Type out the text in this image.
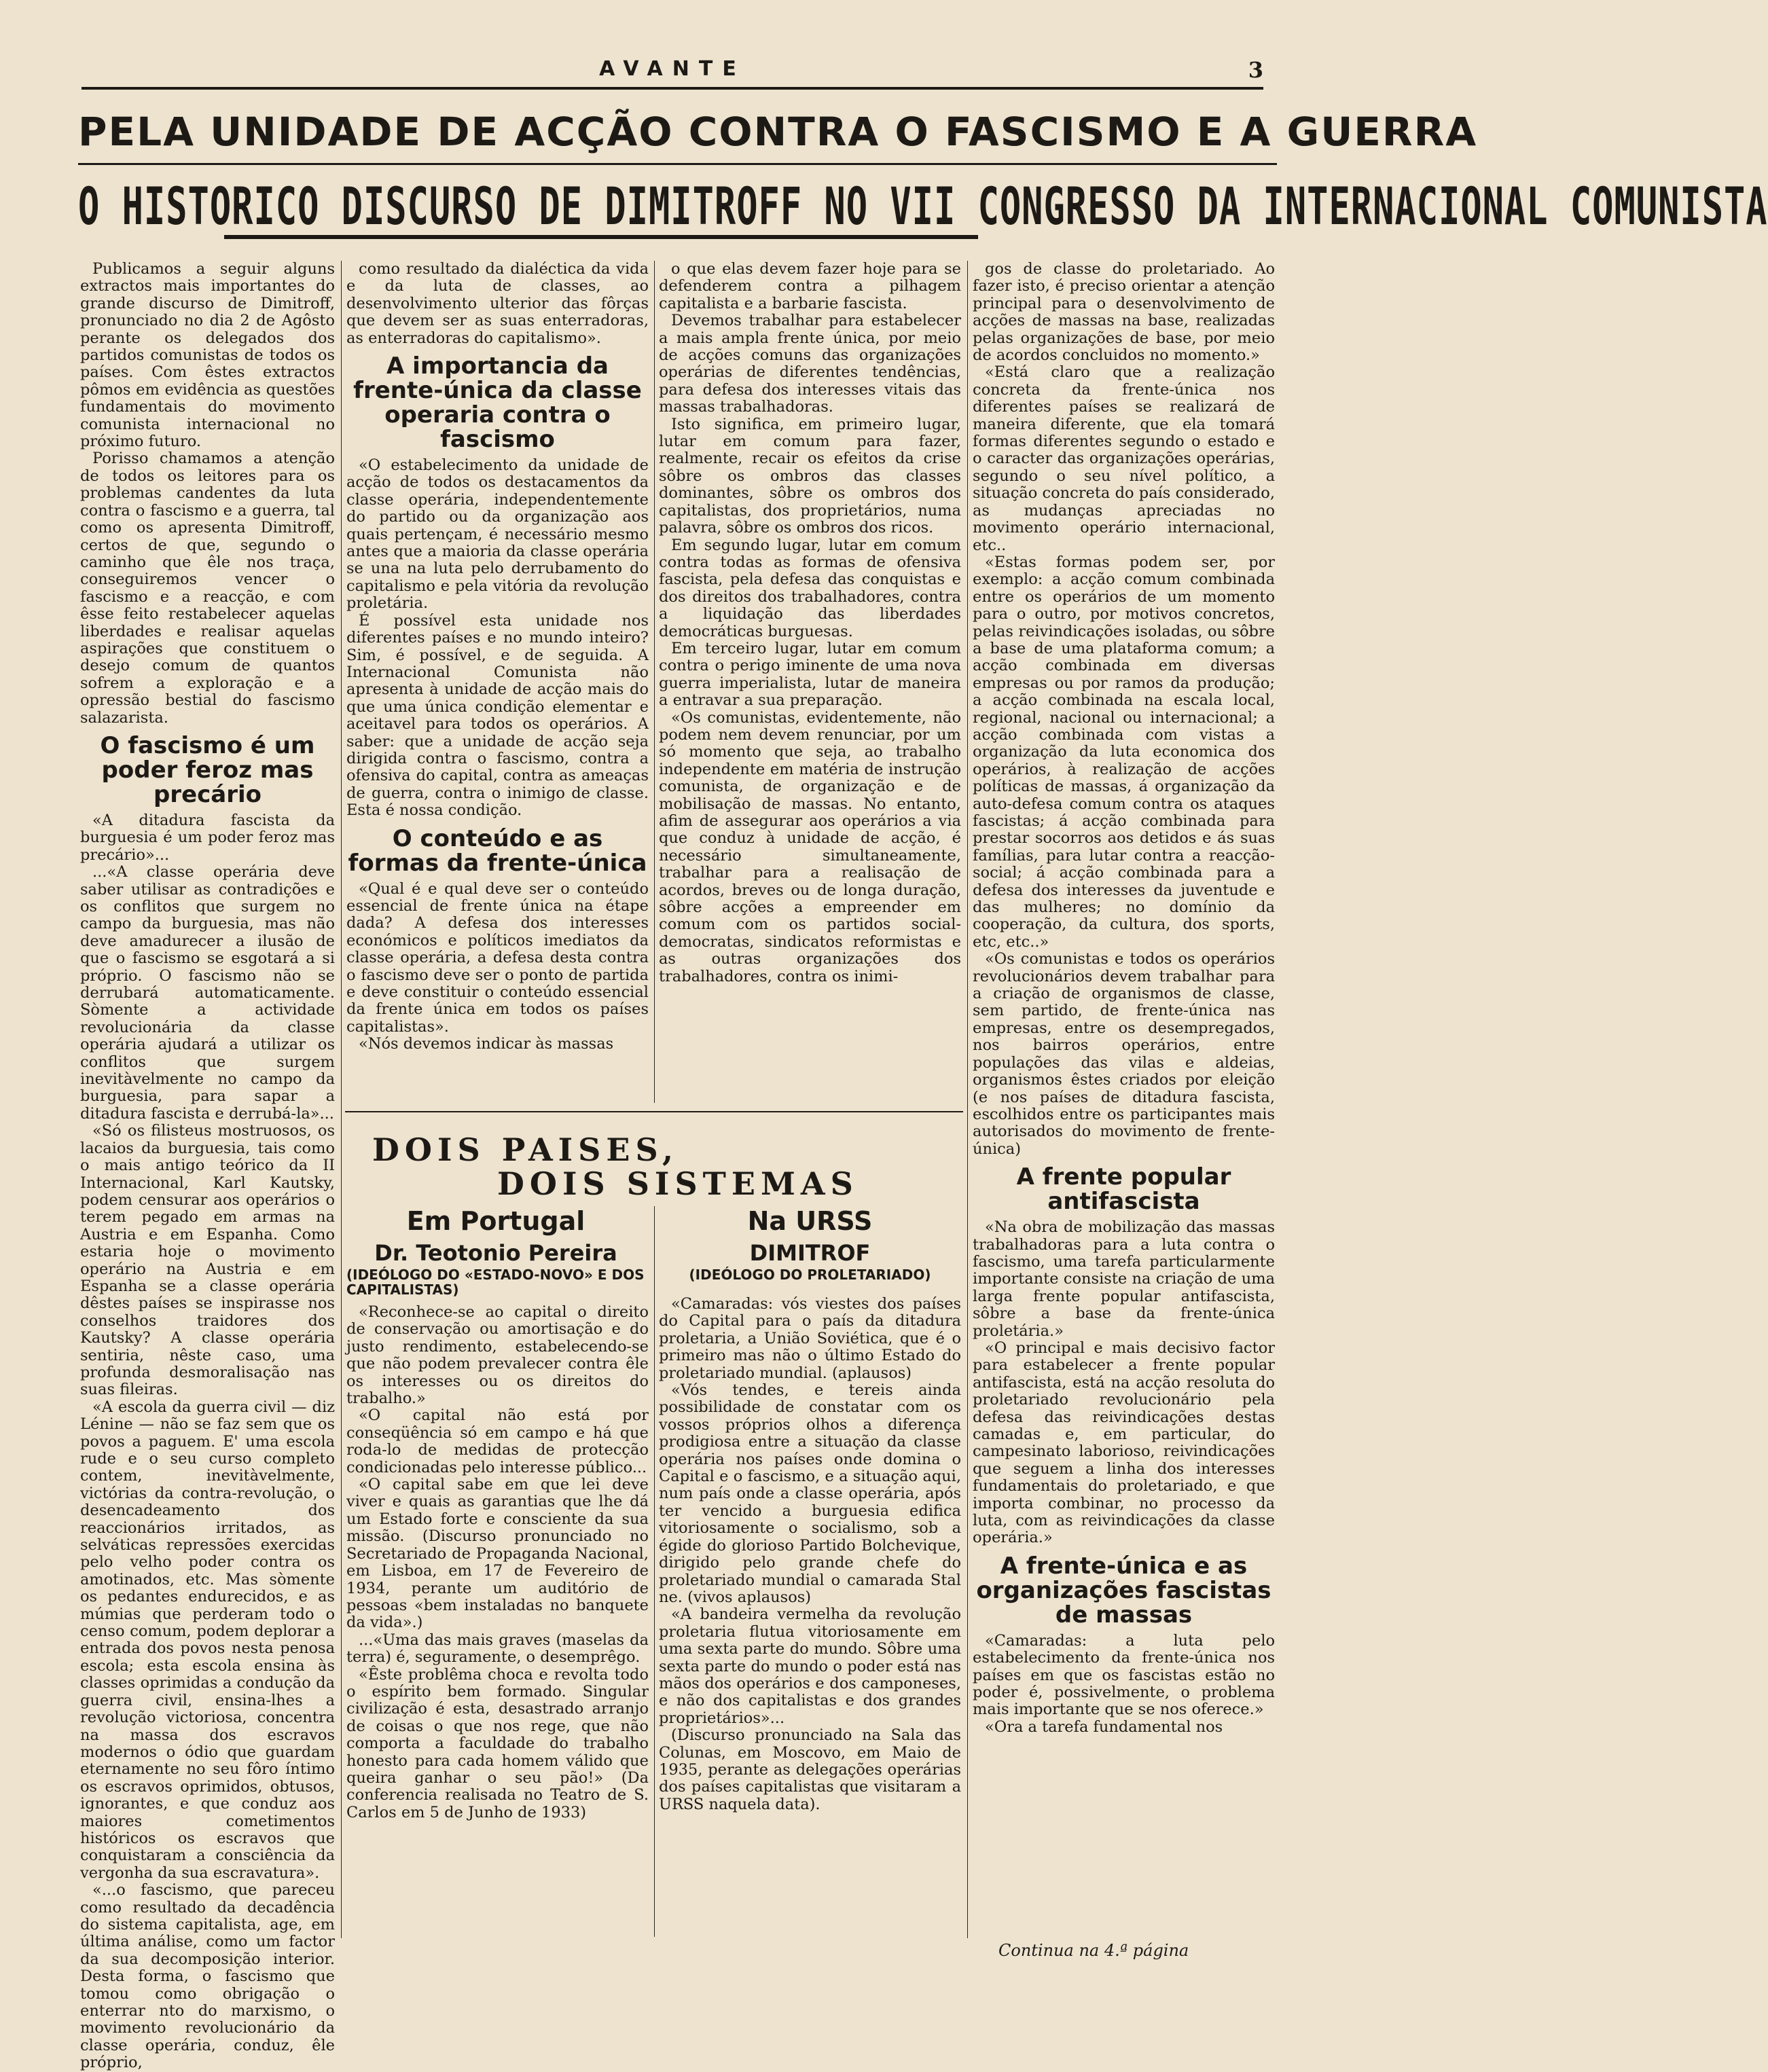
AVANTE	3
PELA UNIDADE DE ACÇÃO CONTRA O FASCISMO E A GUERRA
O HISTORICO DISCURSO DE DIMITROFF NO VII CONGRESSO DA INTERNACIONAL COMUNISTA

Publicamos a seguir alguns extractos mais importantes do grande discurso de Dimitroff, pronunciado no dia 2 de Agôsto perante os delegados dos partidos comunistas de todos os países. Com êstes extractos pômos em evidência as questões fundamentais do movimento comunista internacional no próximo futuro.

Porisso chamamos a atenção de todos os leitores para os problemas candentes da luta contra o fascismo e a guerra, tal como os apresenta Dimitroff, certos de que, segundo o caminho que êle nos traça, conseguiremos vencer o fascismo e a reacção, e com êsse feito restabelecer aquelas liberdades e realisar aquelas aspirações que constituem o desejo comum de quantos sofrem a exploração e a opressão bestial do fascismo salazarista.

O fascismo é um poder feroz mas precário

«A ditadura fascista da burguesia é um poder feroz mas precário»...

...«A classe operária deve saber utilisar as contradições e os conflitos que surgem no campo da burguesia, mas não deve amadurecer a ilusão de que o fascismo se esgotará a si próprio. O fascismo não se derrubará automaticamente. Sòmente a actividade revolucionária da classe operária ajudará a utilizar os conflitos que surgem inevitàvelmente no campo da burguesia, para sapar a ditadura fascista e derrubá-la»...

«Só os filisteus mostruosos, os lacaios da burguesia, tais como o mais antigo teórico da II Internacional, Karl Kautsky, podem censurar aos operários o terem pegado em armas na Austria e em Espanha. Como estaria hoje o movimento operário na Austria e em Espanha se a classe operária dêstes países se inspirasse nos conselhos traidores dos Kautsky? A classe operária sentiria, nêste caso, uma profunda desmoralisação nas suas fileiras.

«A escola da guerra civil — diz Lénine — não se faz sem que os povos a paguem. E' uma escola rude e o seu curso completo contem, inevitàvelmente, victórias da contra-revolução, o desencadeamento dos reaccionários irritados, as selváticas repressões exercidas pelo velho poder contra os amotinados, etc. Mas sòmente os pedantes endurecidos, e as múmias que perderam todo o censo comum, podem deplorar a entrada dos povos nesta penosa escola; esta escola ensina às classes oprimidas a condução da guerra civil, ensina-lhes a revolução victoriosa, concentra na massa dos escravos modernos o ódio que guardam eternamente no seu fôro íntimo os escravos oprimidos, obtusos, ignorantes, e que conduz aos maiores cometimentos históricos os escravos que conquistaram a consciência da vergonha da sua escravatura».

«...o fascismo, que pareceu como resultado da decadência do sistema capitalista, age, em última análise, como um factor da sua decomposição interior. Desta forma, o fascismo que tomou como obrigação o enterrar nto do marxismo, o movimento revolucionário da classe operária, conduz, êle próprio,

como resultado da dialéctica da vida e da luta de classes, ao desenvolvimento ulterior das fôrças que devem ser as suas enterradoras, as enterradoras do capitalismo».

A importancia da frente-única da classe operaria contra o fascismo

«O estabelecimento da unidade de acção de todos os destacamentos da classe operária, independentemente do partido ou da organização aos quais pertençam, é necessário mesmo antes que a maioria da classe operária se una na luta pelo derrubamento do capitalismo e pela vitória da revolução proletária.

É possível esta unidade nos diferentes países e no mundo inteiro? Sim, é possível, e de seguida. A Internacional Comunista não apresenta à unidade de acção mais do que uma única condição elementar e aceitavel para todos os operários. A saber: que a unidade de acção seja dirigida contra o fascismo, contra a ofensiva do capital, contra as ameaças de guerra, contra o inimigo de classe. Esta é nossa condição.

O conteúdo e as formas da frente-única

«Qual é e qual deve ser o conteúdo essencial de frente única na étape dada? A defesa dos interesses económicos e políticos imediatos da classe operária, a defesa desta contra o fascismo deve ser o ponto de partida e deve constituir o conteúdo essencial da frente única em todos os países capitalistas».

«Nós devemos indicar às massas

o que elas devem fazer hoje para se defenderem contra a pilhagem capitalista e a barbarie fascista.

Devemos trabalhar para estabelecer a mais ampla frente única, por meio de acções comuns das organizações operárias de diferentes tendências, para defesa dos interesses vitais das massas trabalhadoras.

Isto significa, em primeiro lugar, lutar em comum para fazer, realmente, recair os efeitos da crise sôbre os ombros das classes dominantes, sôbre os ombros dos capitalistas, dos proprietários, numa palavra, sôbre os ombros dos ricos.

Em segundo lugar, lutar em comum contra todas as formas de ofensiva fascista, pela defesa das conquistas e dos direitos dos trabalhadores, contra a liquidação das liberdades democráticas burguesas.

Em terceiro lugar, lutar em comum contra o perigo iminente de uma nova guerra imperialista, lutar de maneira a entravar a sua preparação.

«Os comunistas, evidentemente, não podem nem devem renunciar, por um só momento que seja, ao trabalho independente em matéria de instrução comunista, de organização e de mobilisação de massas. No entanto, afim de assegurar aos operários a via que conduz à unidade de acção, é necessário simultaneamente, trabalhar para a realisação de acordos, breves ou de longa duração, sôbre acções a empreender em comum com os partidos social-democratas, sindicatos reformistas e as outras organizações dos trabalhadores, contra os inimi-

gos de classe do proletariado. Ao fazer isto, é preciso orientar a atenção principal para o desenvolvimento de acções de massas na base, realizadas pelas organizações de base, por meio de acordos concluidos no momento.»

«Está claro que a realização concreta da frente-única nos diferentes países se realizará de maneira diferente, que ela tomará formas diferentes segundo o estado e o caracter das organizações operárias, segundo o seu nível político, a situação concreta do país considerado, as mudanças apreciadas no movimento operário internacional, etc..

«Estas formas podem ser, por exemplo: a acção comum combinada entre os operários de um momento para o outro, por motivos concretos, pelas reivindicações isoladas, ou sôbre a base de uma plataforma comum; a acção combinada em diversas empresas ou por ramos da produção; a acção combinada na escala local, regional, nacional ou internacional; a acção combinada com vistas a organização da luta economica dos operários, à realização de acções políticas de massas, á organização da auto-defesa comum contra os ataques fascistas; á acção combinada para prestar socorros aos detidos e ás suas famílias, para lutar contra a reacção-social; á acção combinada para a defesa dos interesses da juventude e das mulheres; no domínio da cooperação, da cultura, dos sports, etc, etc..»

«Os comunistas e todos os operários revolucionários devem trabalhar para a criação de organismos de classe, sem partido, de frente-única nas empresas, entre os desempregados, nos bairros operários, entre populações das vilas e aldeias, organismos êstes criados por eleição (e nos países de ditadura fascista, escolhidos entre os participantes mais autorisados do movimento de frente-única)

A frente popular antifascista

«Na obra de mobilização das massas trabalhadoras para a luta contra o fascismo, uma tarefa particularmente importante consiste na criação de uma larga frente popular antifascista, sôbre a base da frente-única proletária.»

«O principal e mais decisivo factor para estabelecer a frente popular antifascista, está na acção resoluta do proletariado revolucionário pela defesa das reivindicações destas camadas e, em particular, do campesinato laborioso, reivindicações que seguem a linha dos interesses fundamentais do proletariado, e que importa combinar, no processo da luta, com as reivindicações da classe operária.»

A frente-única e as organizações fascistas de massas

«Camaradas: a luta pelo estabelecimento da frente-única nos países em que os fascistas estão no poder é, possivelmente, o problema mais importante que se nos oferece.»

«Ora a tarefa fundamental nos

Continua na 4.ª página
DOIS PAISES,
DOIS SISTEMAS
Em Portugal
Dr. Teotonio Pereira
(IDEÓLOGO DO «ESTADO-NOVO» E DOS CAPITALISTAS)

«Reconhece-se ao capital o direito de conservação ou amortisação e do justo rendimento, estabelecendo-se que não podem prevalecer contra êle os interesses ou os direitos do trabalho.»

«O capital não está por conseqüência só em campo e há que roda-lo de medidas de protecção condicionadas pelo interesse público...

«O capital sabe em que lei deve viver e quais as garantias que lhe dá um Estado forte e consciente da sua missão. (Discurso pronunciado no Secretariado de Propaganda Nacional, em Lisboa, em 17 de Fevereiro de 1934, perante um auditório de pessoas «bem instaladas no banquete da vida».)

...«Uma das mais graves (maselas da terra) é, seguramente, o desemprêgo.

«Êste problêma choca e revolta todo o espírito bem formado. Singular civilização é esta, desastrado arranjo de coisas o que nos rege, que não comporta a faculdade do trabalho honesto para cada homem válido que queira ganhar o seu pão!» (Da conferencia realisada no Teatro de S. Carlos em 5 de Junho de 1933)

Na URSS
DIMITROF
(IDEÓLOGO DO PROLETARIADO)

«Camaradas: vós viestes dos países do Capital para o país da ditadura proletaria, a União Soviética, que é o primeiro mas não o último Estado do proletariado mundial. (aplausos)

«Vós tendes, e tereis ainda possibilidade de constatar com os vossos próprios olhos a diferença prodigiosa entre a situação da classe operária nos países onde domina o Capital e o fascismo, e a situação aqui, num país onde a classe operária, após ter vencido a burguesia edifica vitoriosamente o socialismo, sob a égide do glorioso Partido Bolchevique, dirigido pelo grande chefe do proletariado mundial o camarada Stal ne. (vivos aplausos)

«A bandeira vermelha da revolução proletaria flutua vitoriosamente em uma sexta parte do mundo. Sôbre uma sexta parte do mundo o poder está nas mãos dos operários e dos camponeses, e não dos capitalistas e dos grandes proprietários»...

(Discurso pronunciado na Sala das Colunas, em Moscovo, em Maio de 1935, perante as delegações operárias dos países capitalistas que visitaram a URSS naquela data).
